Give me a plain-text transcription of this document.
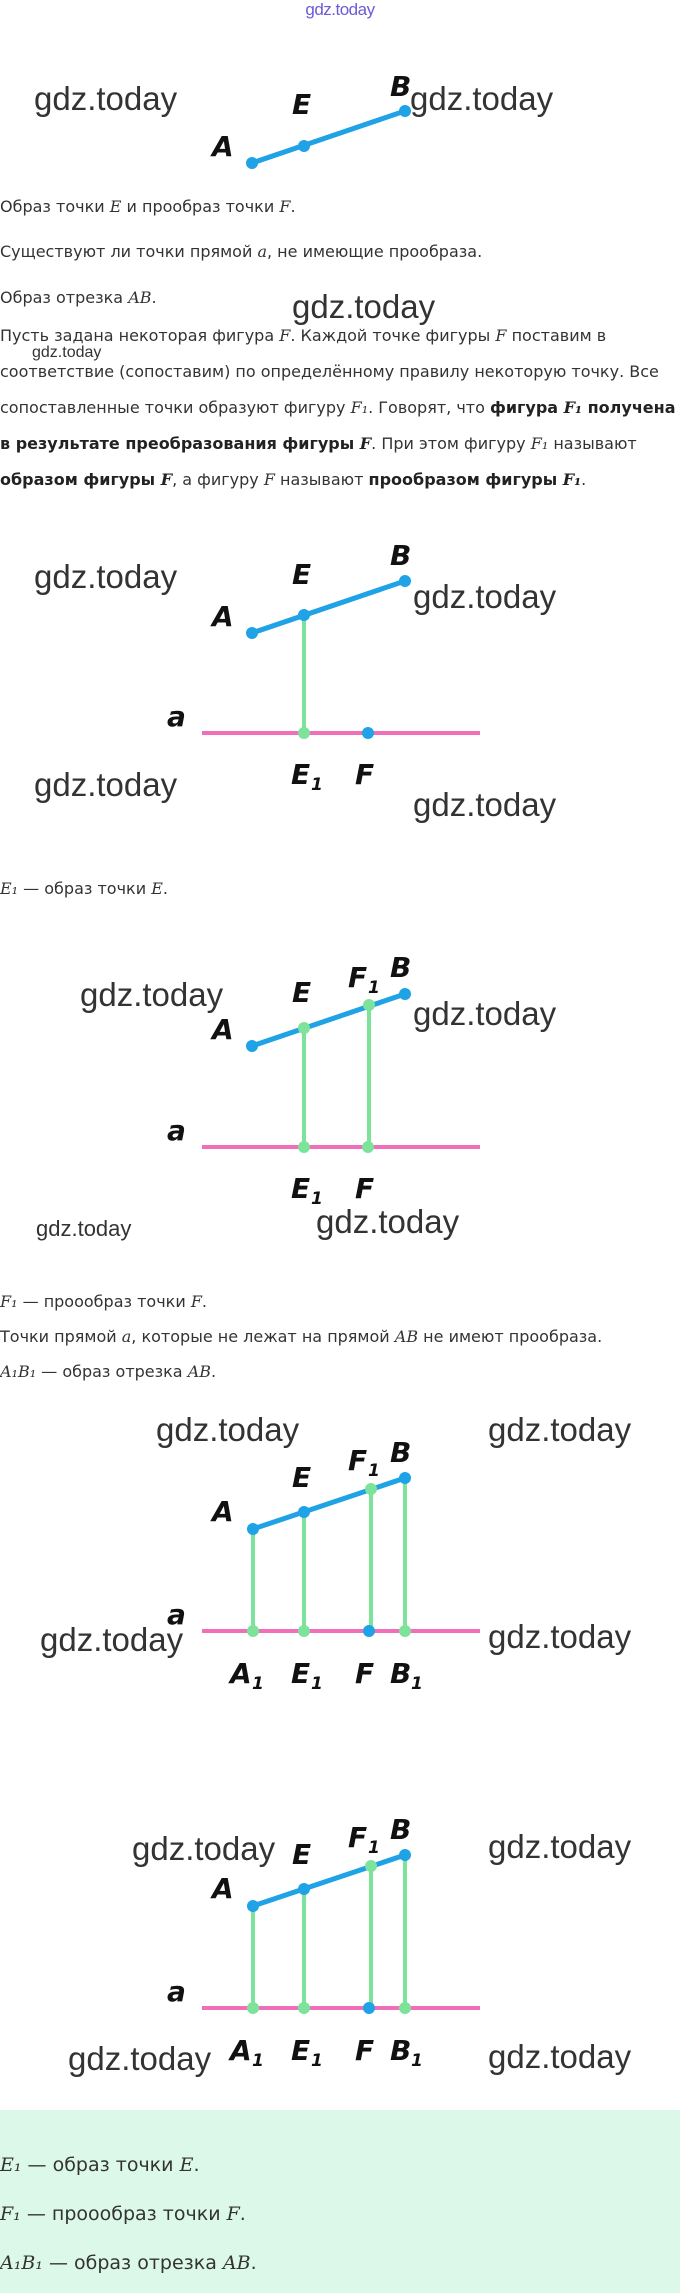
gdz.today
A
E
B
gdz.today	gdz.today
Образ точки E и прообраз точки F.
Существуют ли точки прямой a, не имеющие прообраза.
Образ отрезка AB.	gdz.today
gdz.today
Пусть задана некоторая фигура F. Каждой точке фигуры F поставим в соответствие (сопоставим) по определённому правилу некоторую точку. Все сопоставленные точки образуют фигуру F₁. Говорят, что фигура F₁ получена в результате преобразования фигуры F. При этом фигуру F₁ называют образом фигуры F, а фигуру F называют прообразом фигуры F₁.
A
E
B
a
E 1 F
gdz.today
gdz.today
gdz.today
gdz.today
E₁ — образ точки E.
A
E F 1
B
a
E 1 F
gdz.today
gdz.today
gdz.today	gdz.today
F₁ — проообраз точки F.
Точки прямой a, которые не лежат на прямой AB не имеют прообраза.
A₁B₁ — образ отрезка AB.
A
E
F 1
B
a
A 1 E 1 F B 1
gdz.today	gdz.today
gdz.today	gdz.today
A
E
F 1
B
a
A 1 E 1 F B 1
gdz.today	gdz.today
gdz.today	gdz.today
E₁ — образ точки E.
F₁ — проообраз точки F.
A₁B₁ — образ отрезка AB.
